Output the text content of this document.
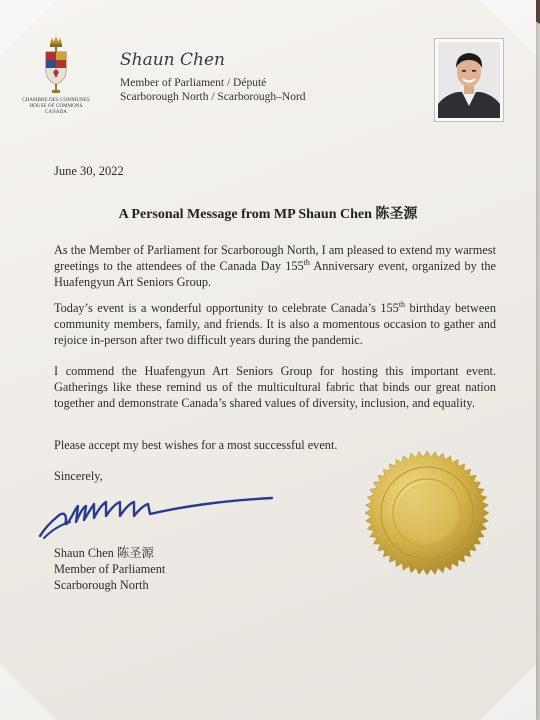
CHAMBRE DES COMMUNES
HOUSE OF COMMONS
CANADA
Shaun Chen
Member of Parliament / Député
Scarborough North / Scarborough–Nord
June 30, 2022
A Personal Message from MP Shaun Chen 陈圣源
As the Member of Parliament for Scarborough North, I am pleased to extend my warmest greetings to the attendees of the Canada Day 155th Anniversary event, organized by the Huafengyun Art Seniors Group.
Today’s event is a wonderful opportunity to celebrate Canada’s 155th birthday between community members, family, and friends. It is also a momentous occasion to gather and rejoice in-person after two difficult years during the pandemic.
I commend the Huafengyun Art Seniors Group for hosting this important event. Gatherings like these remind us of the multicultural fabric that binds our great nation together and demonstrate Canada’s shared values of diversity, inclusion, and equality.
Please accept my best wishes for a most successful event.
Sincerely,
Shaun Chen 陈圣源
Member of Parliament
Scarborough North
